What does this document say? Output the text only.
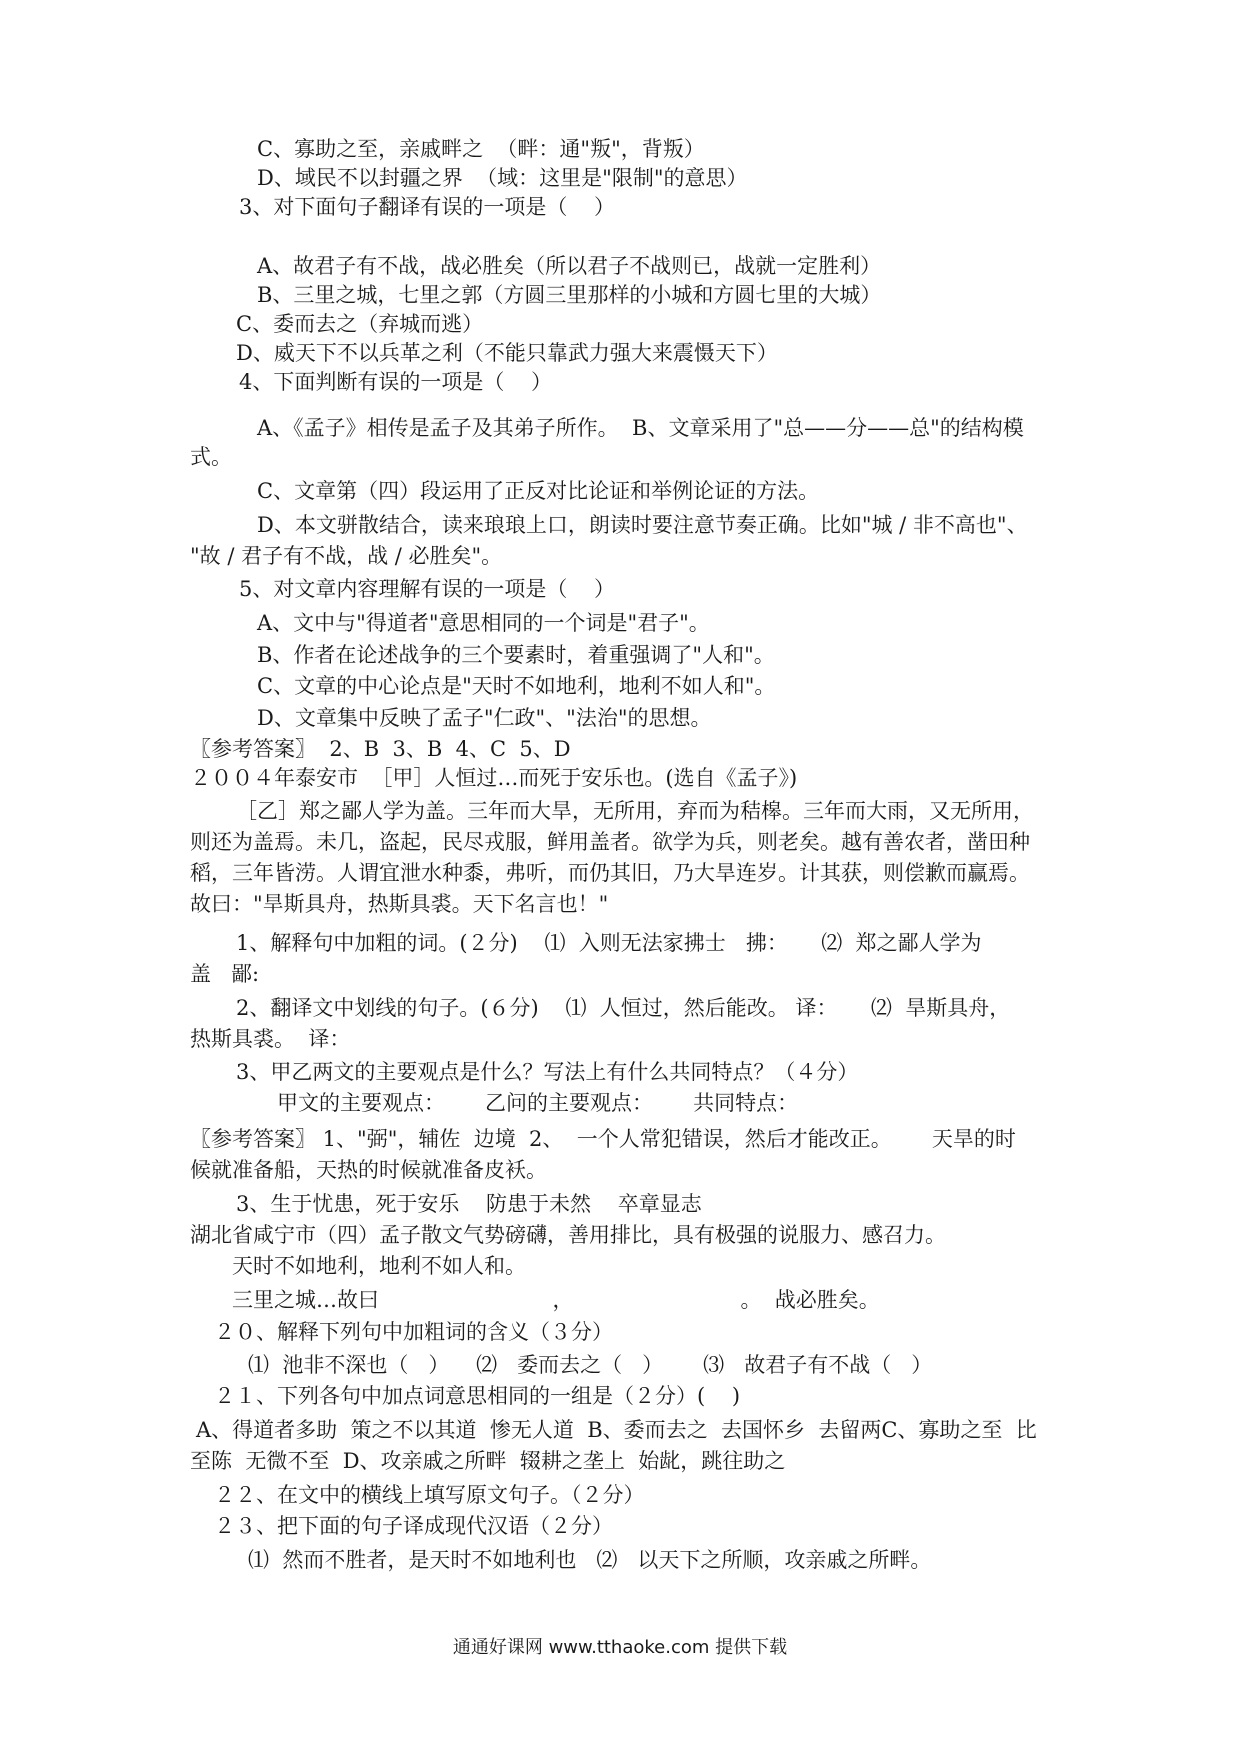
C、寡助之至，亲戚畔之  （畔：通"叛"，背叛）
D、域民不以封疆之界  （域：这里是"限制"的意思）
3、对下面句子翻译有误的一项是（    ）
A、故君子有不战，战必胜矣（所以君子不战则已，战就一定胜利）
B、三里之城，七里之郭（方圆三里那样的小城和方圆七里的大城）
C、委而去之（弃城而逃）
D、威天下不以兵革之利（不能只靠武力强大来震慑天下）
4、下面判断有误的一项是（    ）
A、《孟子》相传是孟子及其弟子所作。  B、文章采用了"总——分——总"的结构模
式。
C、文章第（四）段运用了正反对比论证和举例论证的方法。
D、本文骈散结合，读来琅琅上口，朗读时要注意节奏正确。比如"城 / 非不高也"、
"故 / 君子有不战，战 / 必胜矣"。
5、对文章内容理解有误的一项是（    ）
A、文中与"得道者"意思相同的一个词是"君子"。
B、作者在论述战争的三个要素时，着重强调了"人和"。
C、文章的中心论点是"天时不如地利，地利不如人和"。
D、文章集中反映了孟子"仁政"、"法治"的思想。
〖参考答案〗  2、B  3、B  4、C  5、D
２００４年泰安市  ［甲］人恒过…而死于安乐也。(选自《孟子》)
［乙］郑之鄙人学为盖。三年而大旱，无所用，弃而为秸槔。三年而大雨，又无所用，
则还为盖焉。未几，盗起，民尽戎服，鲜用盖者。欲学为兵，则老矣。越有善农者，凿田种
稻，三年皆涝。人谓宜泄水种黍，弗听，而仍其旧，乃大旱连岁。计其获，则偿歉而赢焉。
故曰："旱斯具舟，热斯具裘。天下名言也！"
1、解释句中加粗的词。(２分)    ⑴  入则无法家拂士   拂：     ⑵  郑之鄙人学为
盖   鄙:
2、翻译文中划线的句子。(６分)    ⑴  人恒过，然后能改。 译：     ⑵  旱斯具舟，
热斯具裘。  译：
3、甲乙两文的主要观点是什么？写法上有什么共同特点？（４分）
甲文的主要观点：      乙问的主要观点：      共同特点：
〖参考答案〗 1、"弼"，辅佐  边境  2、  一个人常犯错误，然后才能改正。      天旱的时
候就准备船，天热的时候就准备皮袄。
3、生于忧患，死于安乐    防患于未然    卒章显志
湖北省咸宁市（四）孟子散文气势磅礴，善用排比，具有极强的说服力、感召力。
天时不如地利，地利不如人和。
三里之城…故曰                          ，                         。  战必胜矣。
２０、解释下列句中加粗词的含义（３分）
⑴  池非不深也（   ）    ⑵   委而去之（   ）      ⑶   故君子有不战（   ）
２１、下列各句中加点词意思相同的一组是（２分）(    )
A、得道者多助  策之不以其道  惨无人道  B、委而去之  去国怀乡  去留两C、寡助之至  比
至陈  无微不至  D、攻亲戚之所畔  辍耕之垄上  始龀，跳往助之
２２、在文中的横线上填写原文句子。（２分）
２３、把下面的句子译成现代汉语（２分）
⑴  然而不胜者，是天时不如地利也   ⑵   以天下之所顺，攻亲戚之所畔。
通通好课网 www.tthaoke.com 提供下载
